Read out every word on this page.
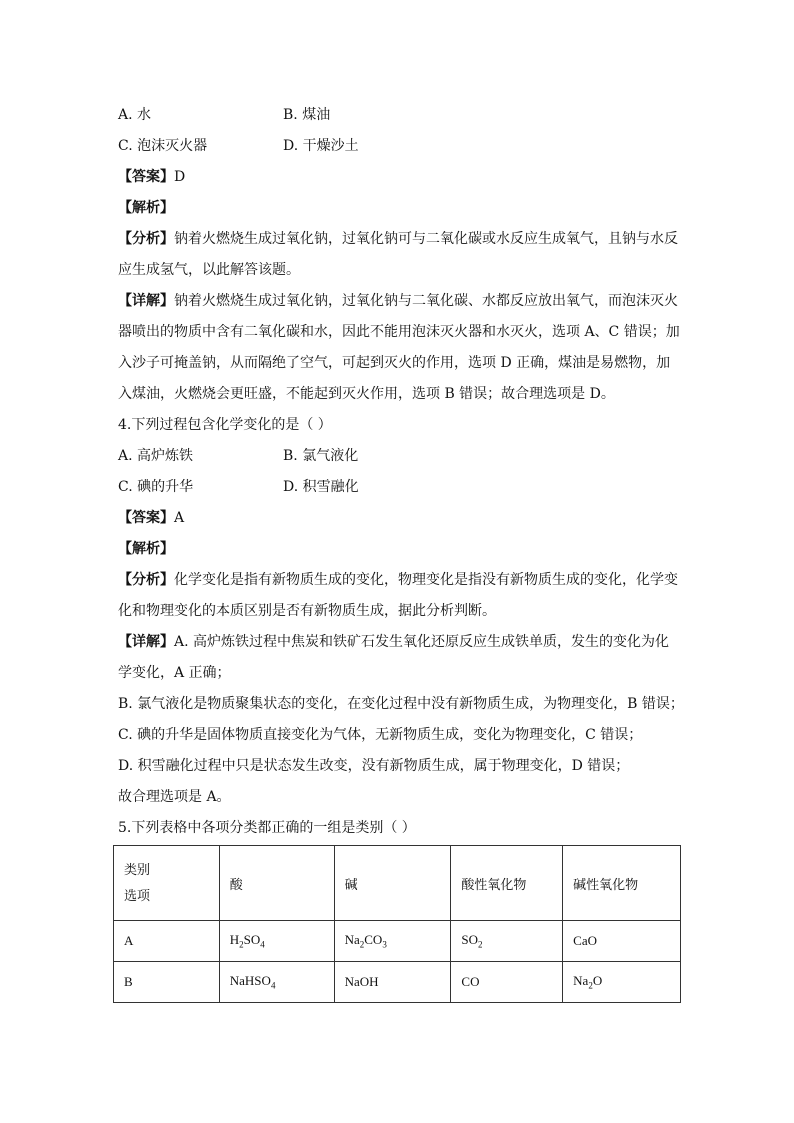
A. 水	B. 煤油
C. 泡沫灭火器	D. 干燥沙土
【答案】D
【解析】
【分析】钠着火燃烧生成过氧化钠，过氧化钠可与二氧化碳或水反应生成氧气，且钠与水反
应生成氢气，以此解答该题。
【详解】钠着火燃烧生成过氧化钠，过氧化钠与二氧化碳、水都反应放出氧气，而泡沫灭火
器喷出的物质中含有二氧化碳和水，因此不能用泡沫灭火器和水灭火，选项 A、C 错误；加
入沙子可掩盖钠，从而隔绝了空气，可起到灭火的作用，选项 D 正确，煤油是易燃物，加
入煤油，火燃烧会更旺盛，不能起到灭火作用，选项 B 错误；故合理选项是 D。
4.下列过程包含化学变化的是（ ）
A. 高炉炼铁	B. 氯气液化
C. 碘的升华	D. 积雪融化
【答案】A
【解析】
【分析】化学变化是指有新物质生成的变化，物理变化是指没有新物质生成的变化，化学变
化和物理变化的本质区别是否有新物质生成，据此分析判断。
【详解】A. 高炉炼铁过程中焦炭和铁矿石发生氧化还原反应生成铁单质，发生的变化为化
学变化，A 正确；
B. 氯气液化是物质聚集状态的变化，在变化过程中没有新物质生成，为物理变化，B 错误；
C. 碘的升华是固体物质直接变化为气体，无新物质生成，变化为物理变化，C 错误；
D. 积雪融化过程中只是状态发生改变，没有新物质生成，属于物理变化，D 错误；
故合理选项是 A。
5.下列表格中各项分类都正确的一组是类别（ ）
类别
选项	酸	碱	酸性氧化物	碱性氧化物
A	$H_2SO_4$	$Na_2CO_3$	$SO_2$	CaO
B	NaHSO$_4$	NaOH	CO	$Na_2O$
